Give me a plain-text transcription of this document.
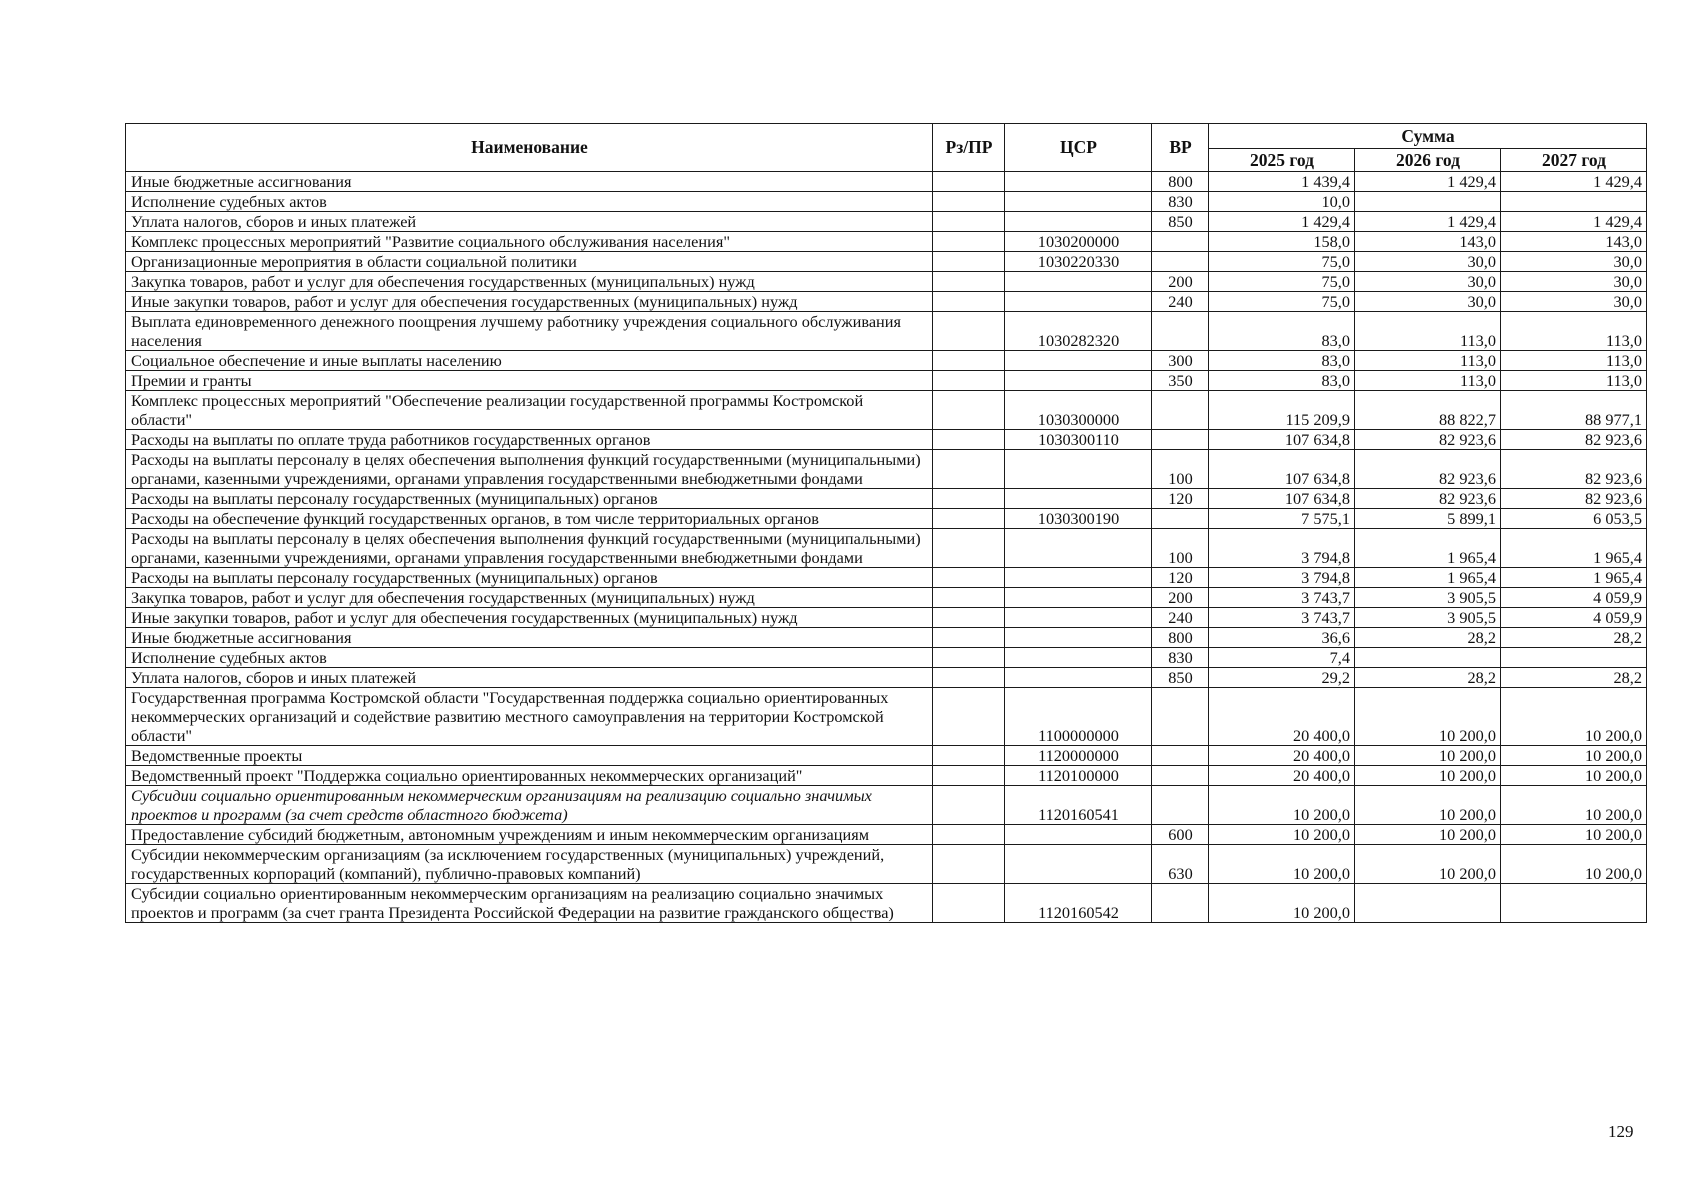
Наименование	Рз/ПР	ЦСР	ВР	Сумма		
				2025 год	2026 год	2027 год
Иные бюджетные ассигнования			800	1 439,4	1 429,4	1 429,4
Исполнение судебных актов			830	10,0		
Уплата налогов, сборов и иных платежей			850	1 429,4	1 429,4	1 429,4
Комплекс процессных мероприятий "Развитие социального обслуживания населения"		1030200000		158,0	143,0	143,0
Организационные мероприятия в области социальной политики		1030220330		75,0	30,0	30,0
Закупка товаров, работ и услуг для обеспечения государственных (муниципальных) нужд			200	75,0	30,0	30,0
Иные закупки товаров, работ и услуг для обеспечения государственных (муниципальных) нужд			240	75,0	30,0	30,0
Выплата единовременного денежного поощрения лучшему работнику учреждения социального обслуживания населения		1030282320		83,0	113,0	113,0
Социальное обеспечение и иные выплаты населению			300	83,0	113,0	113,0
Премии и гранты			350	83,0	113,0	113,0
Комплекс процессных мероприятий "Обеспечение реализации государственной программы Костромской области"		1030300000		115 209,9	88 822,7	88 977,1
Расходы на выплаты по оплате труда работников государственных органов		1030300110		107 634,8	82 923,6	82 923,6
Расходы на выплаты персоналу в целях обеспечения выполнения функций государственными (муниципальными) органами, казенными учреждениями, органами управления государственными внебюджетными фондами			100	107 634,8	82 923,6	82 923,6
Расходы на выплаты персоналу государственных (муниципальных) органов			120	107 634,8	82 923,6	82 923,6
Расходы на обеспечение функций государственных органов, в том числе территориальных органов		1030300190		7 575,1	5 899,1	6 053,5
Расходы на выплаты персоналу в целях обеспечения выполнения функций государственными (муниципальными) органами, казенными учреждениями, органами управления государственными внебюджетными фондами			100	3 794,8	1 965,4	1 965,4
Расходы на выплаты персоналу государственных (муниципальных) органов			120	3 794,8	1 965,4	1 965,4
Закупка товаров, работ и услуг для обеспечения государственных (муниципальных) нужд			200	3 743,7	3 905,5	4 059,9
Иные закупки товаров, работ и услуг для обеспечения государственных (муниципальных) нужд			240	3 743,7	3 905,5	4 059,9
Иные бюджетные ассигнования			800	36,6	28,2	28,2
Исполнение судебных актов			830	7,4		
Уплата налогов, сборов и иных платежей			850	29,2	28,2	28,2
Государственная программа Костромской области "Государственная поддержка социально ориентированных некоммерческих организаций и содействие развитию местного самоуправления на территории Костромской области"		1100000000		20 400,0	10 200,0	10 200,0
Ведомственные проекты		1120000000		20 400,0	10 200,0	10 200,0
Ведомственный проект "Поддержка социально ориентированных некоммерческих организаций"		1120100000		20 400,0	10 200,0	10 200,0
Субсидии социально ориентированным некоммерческим организациям на реализацию социально значимых проектов и программ (за счет средств областного бюджета)		1120160541		10 200,0	10 200,0	10 200,0
Предоставление субсидий бюджетным, автономным учреждениям и иным некоммерческим организациям			600	10 200,0	10 200,0	10 200,0
Субсидии некоммерческим организациям (за исключением государственных (муниципальных) учреждений, государственных корпораций (компаний), публично-правовых компаний)			630	10 200,0	10 200,0	10 200,0
Субсидии социально ориентированным некоммерческим организациям на реализацию социально значимых проектов и программ (за счет гранта Президента Российской Федерации на развитие гражданского общества)		1120160542		10 200,0		
129
